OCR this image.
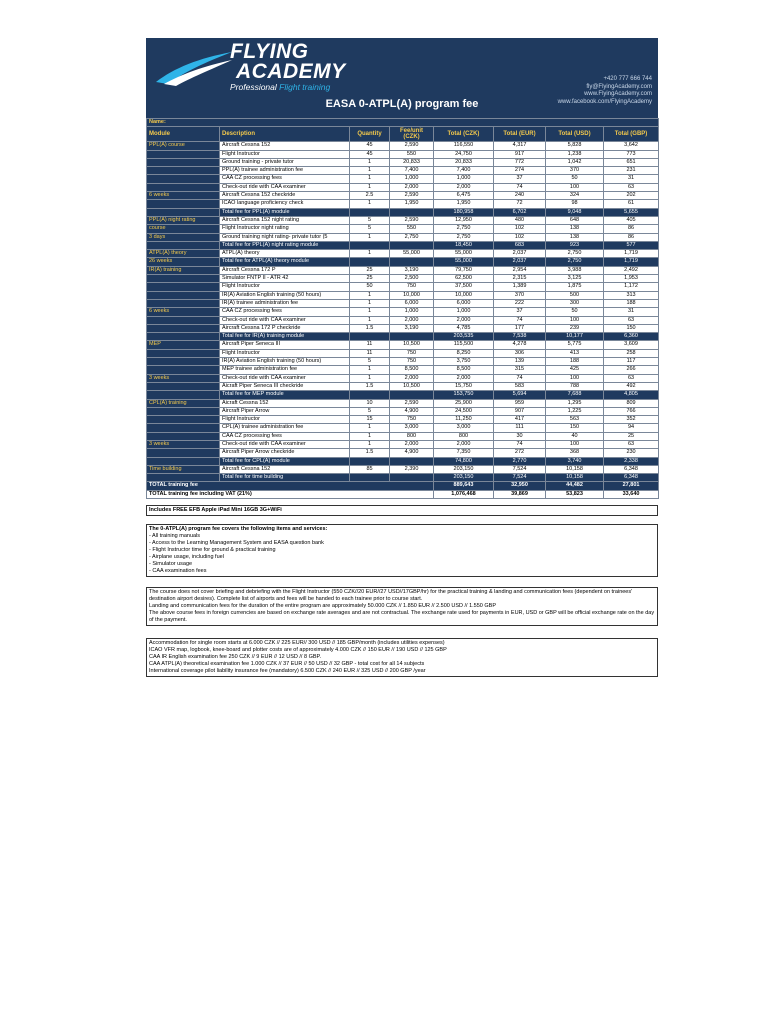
FLYING
ACADEMY
Professional Flight training
+420 777 666 744
fly@FlyingAcademy.com
www.FlyingAcademy.com
www.facebook.com/FlyingAcademy
EASA 0-ATPL(A) program fee
Name:							
Module	Description	Quantity	Fee/unit (CZK)	Total (CZK)	Total (EUR)	Total (USD)	Total (GBP)
PPL(A) course	Aircraft Cessna 152	45	2,590	116,550	4,317	5,828	3,642
	Flight Instructor	45	550	24,750	917	1,238	773
	Ground training - private tutor	1	20,833	20,833	772	1,042	651
	PPL(A) trainee administration fee	1	7,400	7,400	274	370	231
	CAA CZ processing fees	1	1,000	1,000	37	50	31
	Check-out ride with CAA examiner	1	2,000	2,000	74	100	63
6 weeks	Aircraft Cessna 152 checkride	2.5	2,590	6,475	240	324	202
	ICAO language proficiency check	1	1,950	1,950	72	98	61
	Total fee for PPL(A) module			180,958	6,702	9,048	5,655
PPL(A) night rating	Aircraft Cessna 152 night rating	5	2,590	12,950	480	648	405
course	Flight Instructor night rating	5	550	2,750	102	138	86
3 days	Ground training night rating- private tutor (5	1	2,750	2,750	102	138	86
	Total fee for PPL(A) night rating module			18,450	683	923	577
ATPL(A) theory	ATPL(A) theory	1	55,000	55,000	2,037	2,750	1,719
26 weeks	Total fee for ATPL(A) theory module			55,000	2,037	2,750	1,719
IR(A) training	Aircraft Cessna 172 P	25	3,190	79,750	2,954	3,988	2,492
	Simulator FNTP II - ATR 42	25	2,500	62,500	2,315	3,125	1,953
	Flight Instructor	50	750	37,500	1,389	1,875	1,172
	IR(A) Aviation English training (50 hours)	1	10,000	10,000	370	500	313
	IR(A) trainee administration fee	1	6,000	6,000	222	300	188
6 weeks	CAA CZ processing fees	1	1,000	1,000	37	50	31
	Check-out ride with CAA examiner	1	2,000	2,000	74	100	63
	Aircraft Cessna 172 P checkride	1.5	3,190	4,785	177	239	150
	Total fee for IR(A) training module			203,535	7,538	10,177	6,360
MEP	Aircraft Piper Seneca III	11	10,500	115,500	4,278	5,775	3,609
	Flight Instructor	11	750	8,250	306	413	258
	IR(A) Aviation English training (50 hours)	5	750	3,750	139	188	117
	MEP trainee administration fee	1	8,500	8,500	315	425	266
3 weeks	Check-out ride with CAA examiner	1	2,000	2,000	74	100	63
	Aicraft Piper Seneca III checkride	1.5	10,500	15,750	583	788	492
	Total fee for MEP module			153,750	5,694	7,688	4,805
CPL(A) training	Aicraft Cessna 152	10	2,590	25,900	959	1,295	809
	Aircraft Piper Arrow	5	4,900	24,500	907	1,225	766
	Flight Instructor	15	750	11,250	417	563	352
	CPL(A) trainee administration fee	1	3,000	3,000	111	150	94
	CAA CZ processing fees	1	800	800	30	40	25
3 weeks	Check-out ride with CAA examiner	1	2,000	2,000	74	100	63
	Aircraft Piper Arrow checkride	1.5	4,900	7,350	272	368	230
	Total fee for CPL(A) module			74,800	2,770	3,740	2,338
Time building	Aircraft Cessna 152	85	2,390	203,150	7,524	10,158	6,348
	Total fee for time building			203,150	7,524	10,158	6,348
TOTAL training fee				889,643	32,950	44,482	27,801
TOTAL training fee including VAT (21%)				1,076,468	39,869	53,823	33,640
Includes FREE EFB Apple iPad Mini 16GB 3G+WiFi
The 0-ATPL(A) program fee covers the following items and services:
- All training manuals
- Access to the Learning Management System and EASA question bank
- Flight Instructor time for ground & practical training
- Airplane usage, including fuel
- Simulator usage
- CAA examination fees
The course does not cover briefing and debriefing with the Flight Instructor (550 CZK//20 EUR//27 USD//17GBP/hr) for the practical training & landing and communication fees (dependent on trainees' destination airport desires). Complete list of airports and fees will be handed to each trainee prior to course start.
Landing and communication fees for the duration of the entire program are approximately 50.000 CZK // 1.850 EUR // 2.500 USD // 1.550 GBP
The above course fees in foreign currencies are based on exchange rate averages and are not contractual. The exchange rate used for payments in EUR, USD or GBP will be official exchange rate on the day of the payment.
Accommodation for single room starts at 6.000 CZK // 225 EUR// 300 USD // 185 GBP/month (includes utilities expenses)
ICAO VFR map, logbook, knee-board and plotter costs are of approximately 4.000 CZK // 150 EUR // 190 USD // 125 GBP
CAA IR English examination fee 250 CZK // 9 EUR // 12 USD // 8 GBP.
CAA ATPL(A) theoretical examination fee 1.000 CZK // 37 EUR // 50 USD // 32 GBP - total cost for all 14 subjects
International coverage pilot liability insurance fee (mandatory) 6.500 CZK // 240 EUR // 325 USD // 200 GBP /year
